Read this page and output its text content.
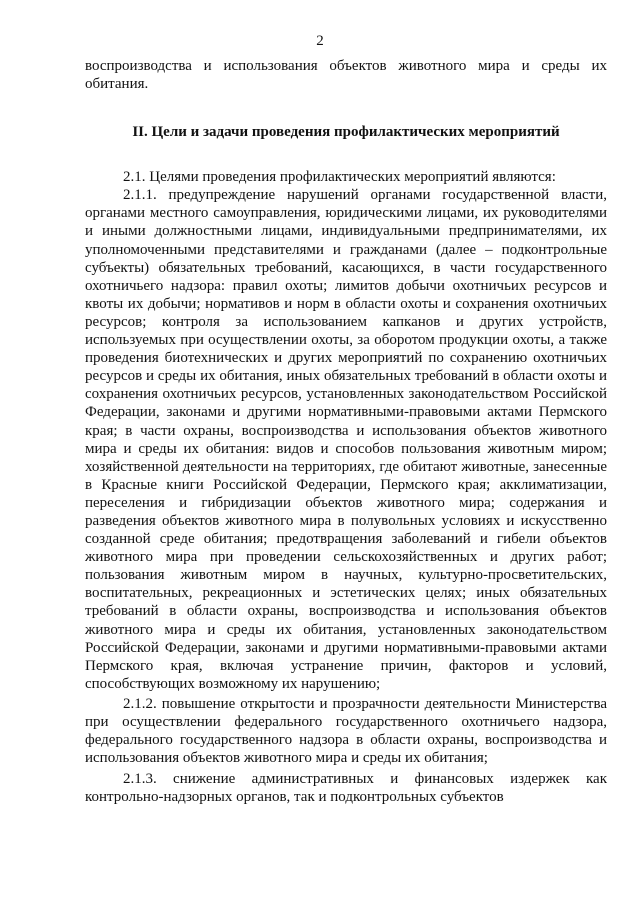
2

воспроизводства и использования объектов животного мира и среды их обитания.

II. Цели и задачи проведения профилактических мероприятий

2.1. Целями проведения профилактических мероприятий являются:

2.1.1. предупреждение нарушений органами государственной власти, органами местного самоуправления, юридическими лицами, их руководителями и иными должностными лицами, индивидуальными предпринимателями, их уполномоченными представителями и гражданами (далее – подконтрольные субъекты) обязательных требований, касающихся, в части государственного охотничьего надзора: правил охоты; лимитов добычи охотничьих ресурсов и квоты их добычи; нормативов и норм в области охоты и сохранения охотничьих ресурсов; контроля за использованием капканов и других устройств, используемых при осуществлении охоты, за оборотом продукции охоты, а также проведения биотехнических и других мероприятий по сохранению охотничьих ресурсов и среды их обитания, иных обязательных требований в области охоты и сохранения охотничьих ресурсов, установленных законодательством Российской Федерации, законами и другими нормативными-правовыми актами Пермского края; в части охраны, воспроизводства и использования объектов животного мира и среды их обитания: видов и способов пользования животным миром; хозяйственной деятельности на территориях, где обитают животные, занесенные в Красные книги Российской Федерации, Пермского края; акклиматизации, переселения и гибридизации объектов животного мира; содержания и разведения объектов животного мира в полувольных условиях и искусственно созданной среде обитания; предотвращения заболеваний и гибели объектов животного мира при проведении сельскохозяйственных и других работ; пользования животным миром в научных, культурно-просветительских, воспитательных, рекреационных и эстетических целях; иных обязательных требований в области охраны, воспроизводства и использования объектов животного мира и среды их обитания, установленных законодательством Российской Федерации, законами и другими нормативными-правовыми актами Пермского края, включая устранение причин, факторов и условий, способствующих возможному их нарушению;

2.1.2. повышение открытости и прозрачности деятельности Министерства при осуществлении федерального государственного охотничьего надзора, федерального государственного надзора в области охраны, воспроизводства и использования объектов животного мира и среды их обитания;

2.1.3. снижение административных и финансовых издержек как контрольно-надзорных органов, так и подконтрольных субъектов
